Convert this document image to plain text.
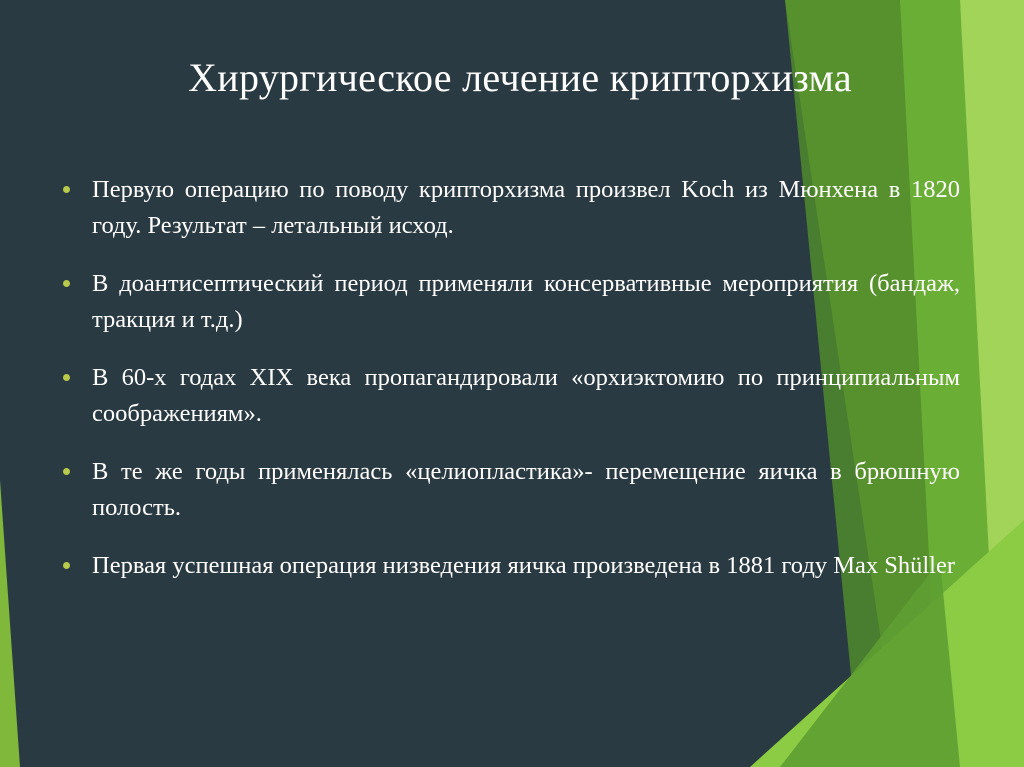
Хирургическое лечение крипторхизма
Первую операцию по поводу крипторхизма произвел Koch из Мюнхена в 1820 году. Результат – летальный исход.
В доантисептический период применяли консервативные мероприятия (бандаж, тракция и т.д.)
В 60-х годах XIX века пропагандировали «орхиэктомию по принципиальным соображениям».
В те же годы применялась «целиопластика»- перемещение яичка в брюшную полость.
Первая успешная операция низведения яичка произведена в 1881 году Max Shüller
